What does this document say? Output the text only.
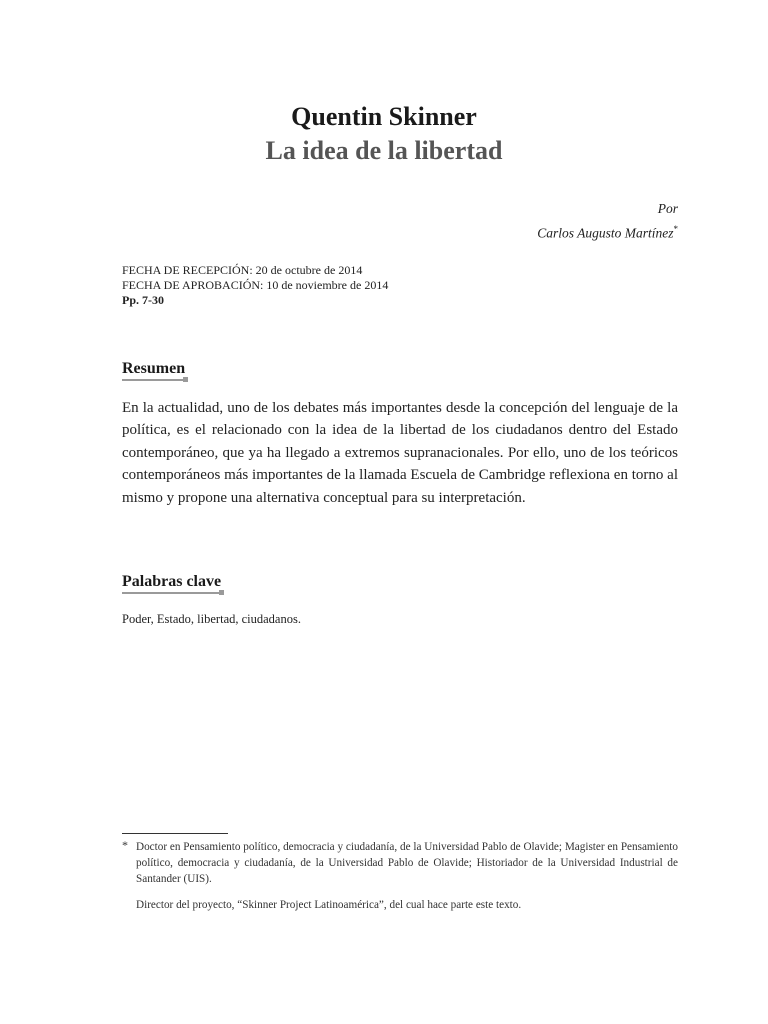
Quentin Skinner
La idea de la libertad
Por
Carlos Augusto Martínez*
FECHA DE RECEPCIÓN: 20 de octubre de 2014
FECHA DE APROBACIÓN: 10 de noviembre de 2014
Pp. 7-30
Resumen

En la actualidad, uno de los debates más importantes desde la concepción del lenguaje de la política, es el relacionado con la idea de la libertad de los ciudadanos dentro del Estado contemporáneo, que ya ha llegado a extremos supranacionales. Por ello, uno de los teóricos contemporáneos más importantes de la llamada Escuela de Cambridge reflexiona en torno al mismo y propone una alternativa conceptual para su interpretación.

Palabras clave

Poder, Estado, libertad, ciudadanos.

* Doctor en Pensamiento político, democracia y ciudadanía, de la Universidad Pablo de Olavide; Magister en Pensamiento político, democracia y ciudadanía, de la Universidad Pablo de Olavide; Historiador de la Universidad Industrial de Santander (UIS).

Director del proyecto, “Skinner Project Latinoamérica”, del cual hace parte este texto.
